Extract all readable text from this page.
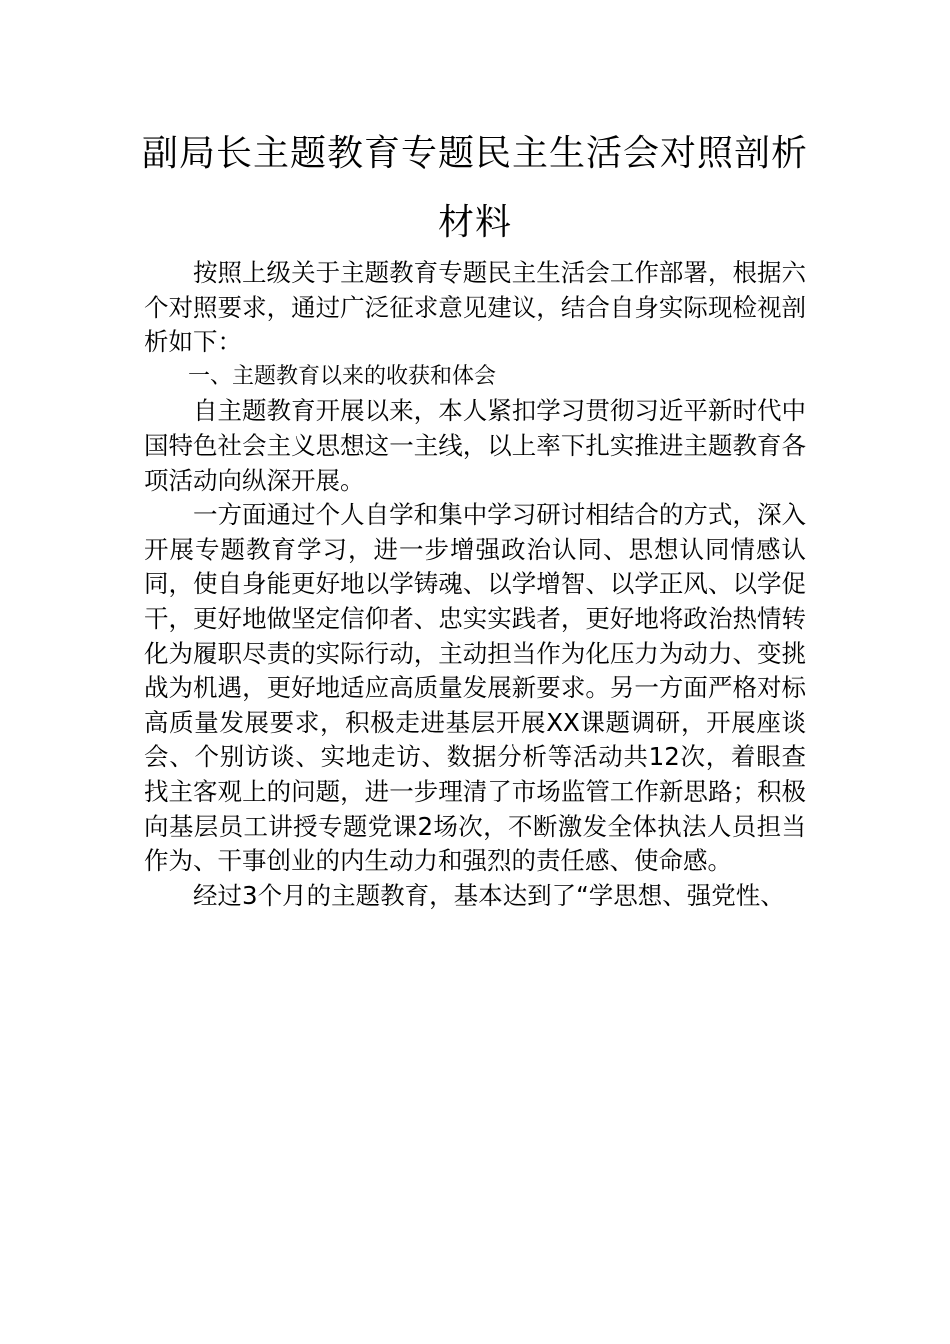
副局长主题教育专题民主生活会对照剖析
材料

按照上级关于主题教育专题民主生活会工作部署，根据六个对照要求，通过广泛征求意见建议，结合自身实际现检视剖析如下：

一、主题教育以来的收获和体会

自主题教育开展以来，本人紧扣学习贯彻习近平新时代中国特色社会主义思想这一主线，以上率下扎实推进主题教育各项活动向纵深开展。

一方面通过个人自学和集中学习研讨相结合的方式，深入开展专题教育学习，进一步增强政治认同、思想认同情感认同，使自身能更好地以学铸魂、以学增智、以学正风、以学促干，更好地做坚定信仰者、忠实实践者，更好地将政治热情转化为履职尽责的实际行动，主动担当作为化压力为动力、变挑战为机遇，更好地适应高质量发展新要求。另一方面严格对标高质量发展要求，积极走进基层开展XX课题调研，开展座谈会、个别访谈、实地走访、数据分析等活动共12次，着眼查找主客观上的问题，进一步理清了市场监管工作新思路；积极向基层员工讲授专题党课2场次，不断激发全体执法人员担当作为、干事创业的内生动力和强烈的责任感、使命感。

经过3个月的主题教育，基本达到了“学思想、强党性、
